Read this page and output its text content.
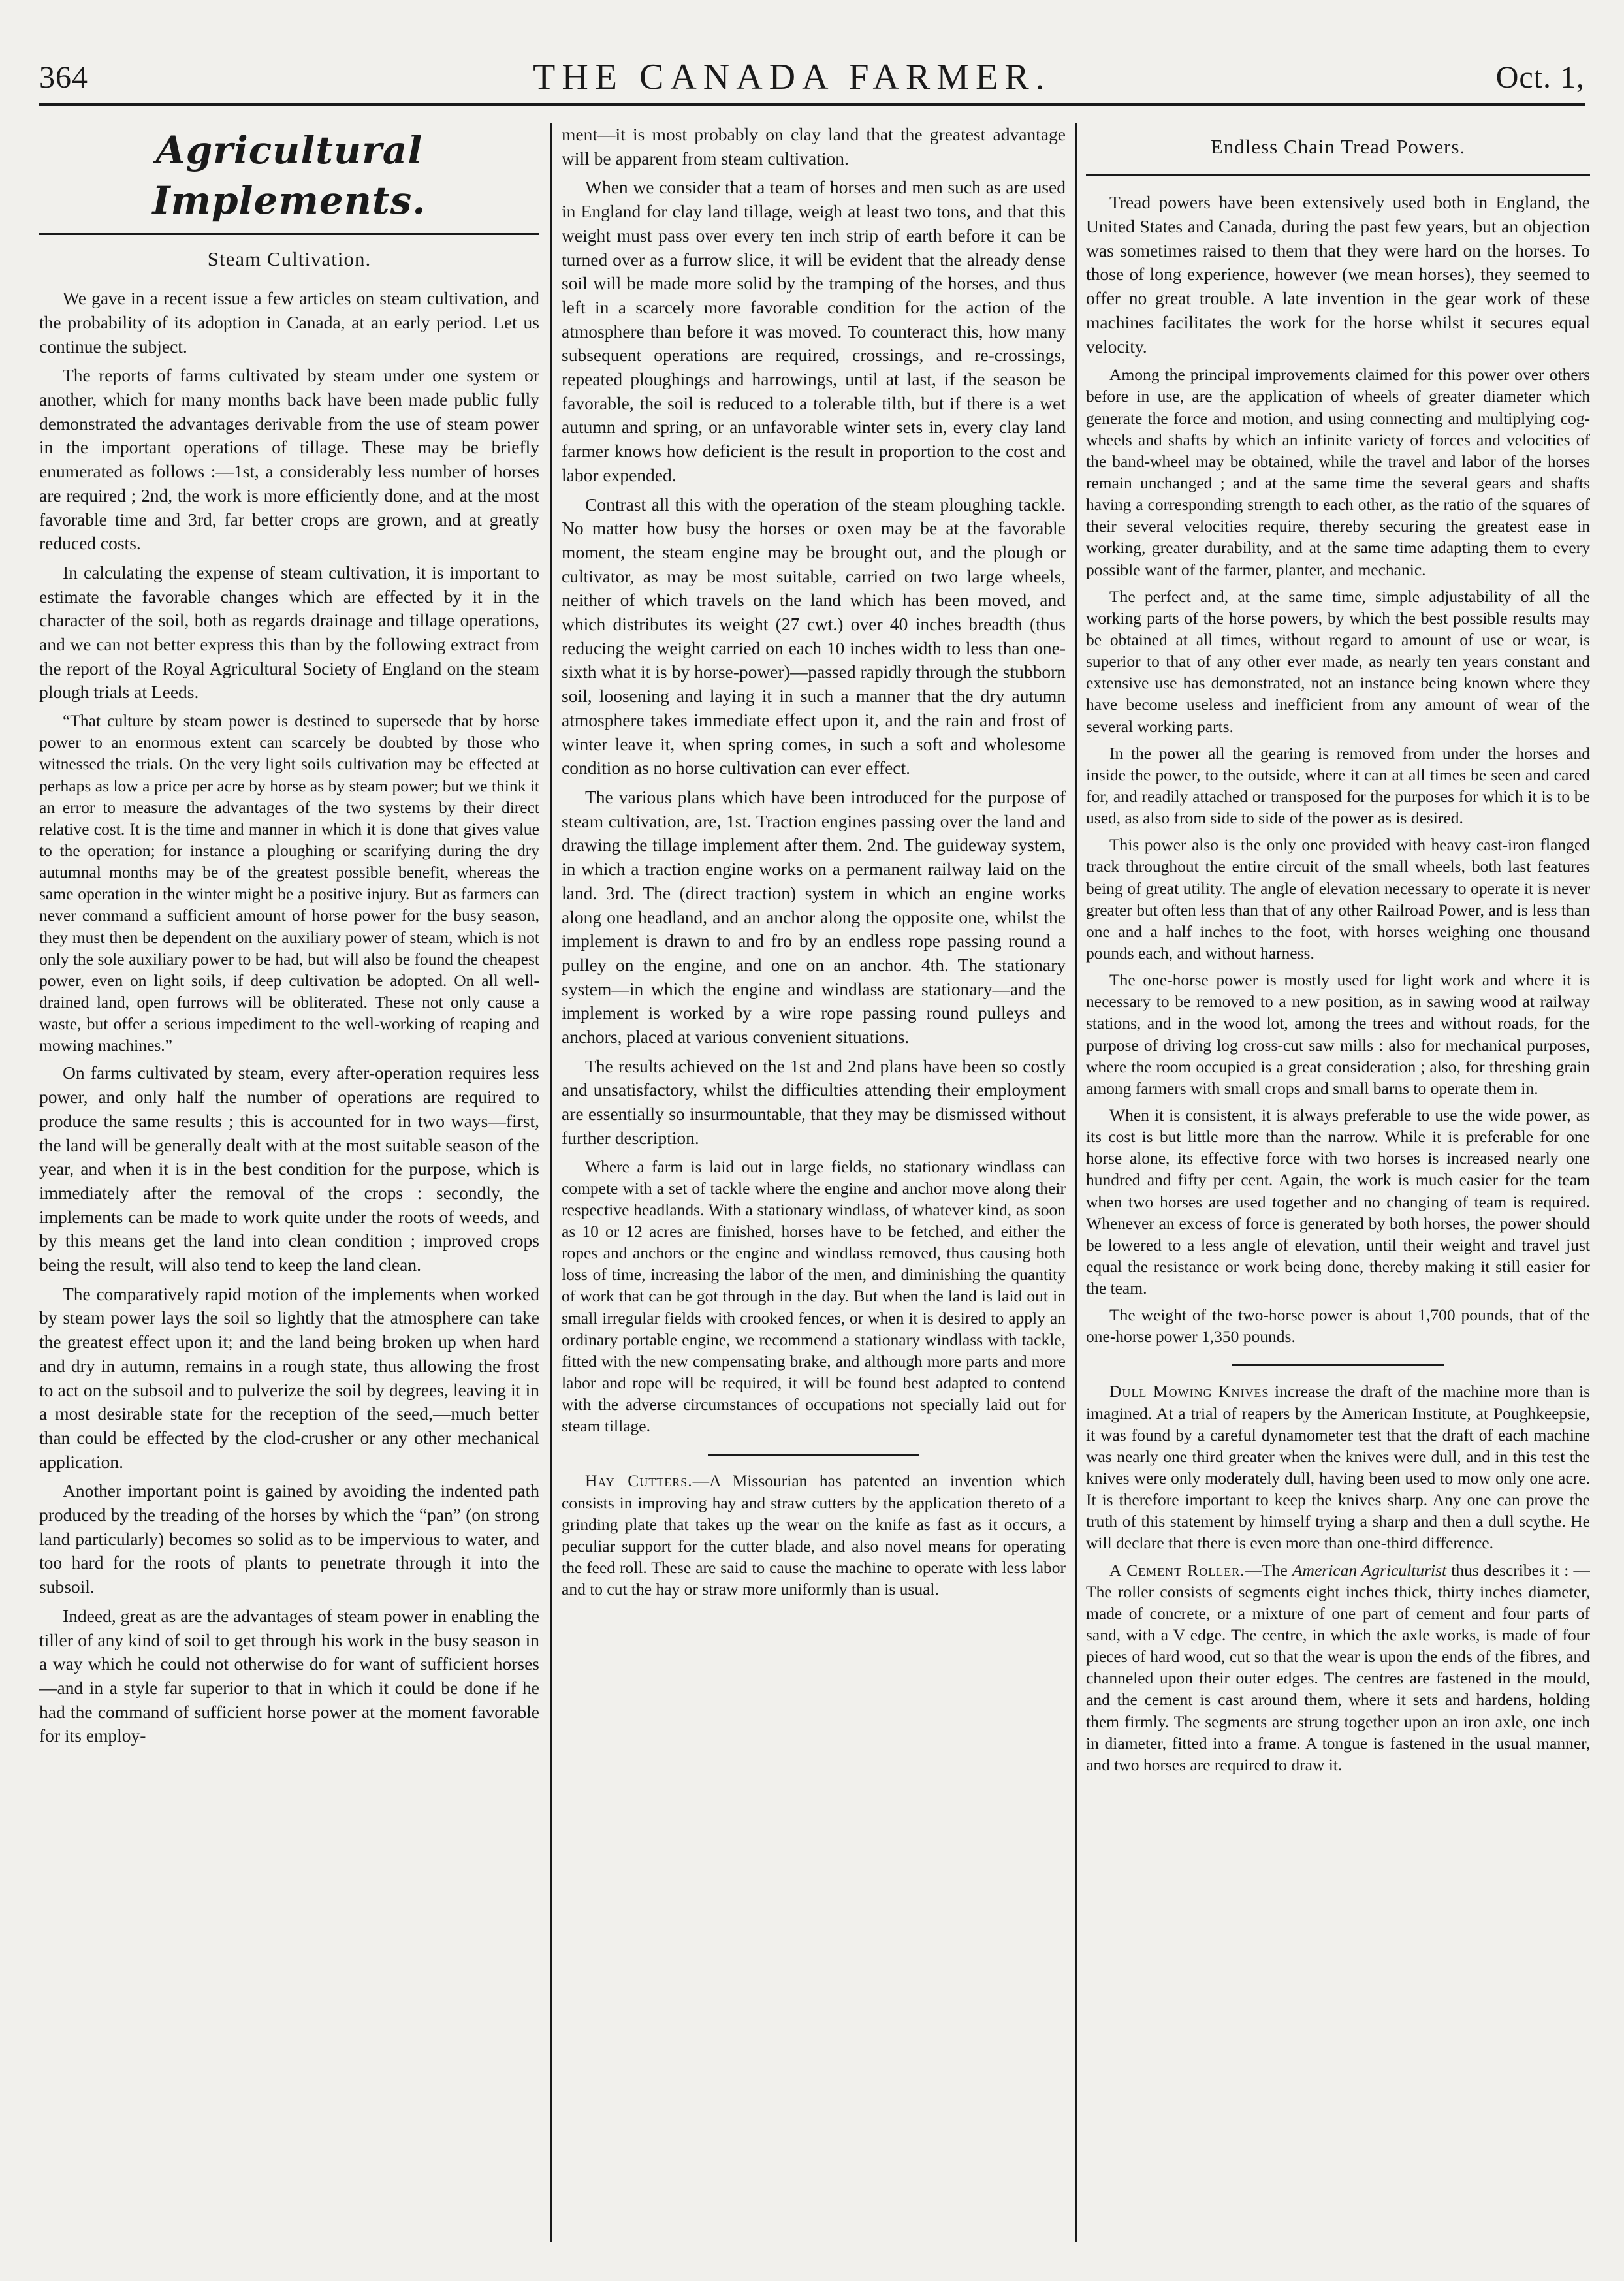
364	THE CANADA FARMER.	Oct. 1,
Agricultural Implements.
Steam Cultivation.

We gave in a recent issue a few articles on steam cultivation, and the probability of its adoption in Canada, at an early period. Let us continue the subject.

The reports of farms cultivated by steam under one system or another, which for many months back have been made public fully demonstrated the advantages derivable from the use of steam power in the important operations of tillage. These may be briefly enumerated as follows :—1st, a considerably less number of horses are required ; 2nd, the work is more efficiently done, and at the most favorable time and 3rd, far better crops are grown, and at greatly reduced costs.

In calculating the expense of steam cultivation, it is important to estimate the favorable changes which are effected by it in the character of the soil, both as regards drainage and tillage operations, and we can not better express this than by the following extract from the report of the Royal Agricultural Society of England on the steam plough trials at Leeds.

“That culture by steam power is destined to supersede that by horse power to an enormous extent can scarcely be doubted by those who witnessed the trials. On the very light soils cultivation may be effected at perhaps as low a price per acre by horse as by steam power; but we think it an error to measure the advantages of the two systems by their direct relative cost. It is the time and manner in which it is done that gives value to the operation; for instance a ploughing or scarifying during the dry autumnal months may be of the greatest possible benefit, whereas the same operation in the winter might be a positive injury. But as farmers can never command a sufficient amount of horse power for the busy season, they must then be dependent on the auxiliary power of steam, which is not only the sole auxiliary power to be had, but will also be found the cheapest power, even on light soils, if deep cultivation be adopted. On all well-drained land, open furrows will be obliterated. These not only cause a waste, but offer a serious impediment to the well-working of reaping and mowing machines.”

On farms cultivated by steam, every after-operation requires less power, and only half the number of operations are required to produce the same results ; this is accounted for in two ways—first, the land will be generally dealt with at the most suitable season of the year, and when it is in the best condition for the purpose, which is immediately after the removal of the crops : secondly, the implements can be made to work quite under the roots of weeds, and by this means get the land into clean condition ; improved crops being the result, will also tend to keep the land clean.

The comparatively rapid motion of the implements when worked by steam power lays the soil so lightly that the atmosphere can take the greatest effect upon it; and the land being broken up when hard and dry in autumn, remains in a rough state, thus allowing the frost to act on the subsoil and to pulverize the soil by degrees, leaving it in a most desirable state for the reception of the seed,—much better than could be effected by the clod-crusher or any other mechanical application.

Another important point is gained by avoiding the indented path produced by the treading of the horses by which the “pan” (on strong land particularly) becomes so solid as to be impervious to water, and too hard for the roots of plants to penetrate through it into the subsoil.

Indeed, great as are the advantages of steam power in enabling the tiller of any kind of soil to get through his work in the busy season in a way which he could not otherwise do for want of sufficient horses—and in a style far superior to that in which it could be done if he had the command of sufficient horse power at the moment favorable for its employ-

ment—it is most probably on clay land that the greatest advantage will be apparent from steam cultivation.

When we consider that a team of horses and men such as are used in England for clay land tillage, weigh at least two tons, and that this weight must pass over every ten inch strip of earth before it can be turned over as a furrow slice, it will be evident that the already dense soil will be made more solid by the tramping of the horses, and thus left in a scarcely more favorable condition for the action of the atmosphere than before it was moved. To counteract this, how many subsequent operations are required, crossings, and re-crossings, repeated ploughings and harrowings, until at last, if the season be favorable, the soil is reduced to a tolerable tilth, but if there is a wet autumn and spring, or an unfavorable winter sets in, every clay land farmer knows how deficient is the result in proportion to the cost and labor expended.

Contrast all this with the operation of the steam ploughing tackle. No matter how busy the horses or oxen may be at the favorable moment, the steam engine may be brought out, and the plough or cultivator, as may be most suitable, carried on two large wheels, neither of which travels on the land which has been moved, and which distributes its weight (27 cwt.) over 40 inches breadth (thus reducing the weight carried on each 10 inches width to less than one-sixth what it is by horse-power)—passed rapidly through the stubborn soil, loosening and laying it in such a manner that the dry autumn atmosphere takes immediate effect upon it, and the rain and frost of winter leave it, when spring comes, in such a soft and wholesome condition as no horse cultivation can ever effect.

The various plans which have been introduced for the purpose of steam cultivation, are, 1st. Traction engines passing over the land and drawing the tillage implement after them. 2nd. The guideway system, in which a traction engine works on a permanent railway laid on the land. 3rd. The (direct traction) system in which an engine works along one headland, and an anchor along the opposite one, whilst the implement is drawn to and fro by an endless rope passing round a pulley on the engine, and one on an anchor. 4th. The stationary system—in which the engine and windlass are stationary—and the implement is worked by a wire rope passing round pulleys and anchors, placed at various convenient situations.

The results achieved on the 1st and 2nd plans have been so costly and unsatisfactory, whilst the difficulties attending their employment are essentially so insurmountable, that they may be dismissed without further description.

Where a farm is laid out in large fields, no stationary windlass can compete with a set of tackle where the engine and anchor move along their respective headlands. With a stationary windlass, of whatever kind, as soon as 10 or 12 acres are finished, horses have to be fetched, and either the ropes and anchors or the engine and windlass removed, thus causing both loss of time, increasing the labor of the men, and diminishing the quantity of work that can be got through in the day. But when the land is laid out in small irregular fields with crooked fences, or when it is desired to apply an ordinary portable engine, we recommend a stationary windlass with tackle, fitted with the new compensating brake, and although more parts and more labor and rope will be required, it will be found best adapted to contend with the adverse circumstances of occupations not specially laid out for steam tillage.

Hay Cutters.—A Missourian has patented an invention which consists in improving hay and straw cutters by the application thereto of a grinding plate that takes up the wear on the knife as fast as it occurs, a peculiar support for the cutter blade, and also novel means for operating the feed roll. These are said to cause the machine to operate with less labor and to cut the hay or straw more uniformly than is usual.

Endless Chain Tread Powers.

Tread powers have been extensively used both in England, the United States and Canada, during the past few years, but an objection was sometimes raised to them that they were hard on the horses. To those of long experience, however (we mean horses), they seemed to offer no great trouble. A late invention in the gear work of these machines facilitates the work for the horse whilst it secures equal velocity.

Among the principal improvements claimed for this power over others before in use, are the application of wheels of greater diameter which generate the force and motion, and using connecting and multiplying cog-wheels and shafts by which an infinite variety of forces and velocities of the band-wheel may be obtained, while the travel and labor of the horses remain unchanged ; and at the same time the several gears and shafts having a corresponding strength to each other, as the ratio of the squares of their several velocities require, thereby securing the greatest ease in working, greater durability, and at the same time adapting them to every possible want of the farmer, planter, and mechanic.

The perfect and, at the same time, simple adjustability of all the working parts of the horse powers, by which the best possible results may be obtained at all times, without regard to amount of use or wear, is superior to that of any other ever made, as nearly ten years constant and extensive use has demonstrated, not an instance being known where they have become useless and inefficient from any amount of wear of the several working parts.

In the power all the gearing is removed from under the horses and inside the power, to the outside, where it can at all times be seen and cared for, and readily attached or transposed for the purposes for which it is to be used, as also from side to side of the power as is desired.

This power also is the only one provided with heavy cast-iron flanged track throughout the entire circuit of the small wheels, both last features being of great utility. The angle of elevation necessary to operate it is never greater but often less than that of any other Railroad Power, and is less than one and a half inches to the foot, with horses weighing one thousand pounds each, and without harness.

The one-horse power is mostly used for light work and where it is necessary to be removed to a new position, as in sawing wood at railway stations, and in the wood lot, among the trees and without roads, for the purpose of driving log cross-cut saw mills : also for mechanical purposes, where the room occupied is a great consideration ; also, for threshing grain among farmers with small crops and small barns to operate them in.

When it is consistent, it is always preferable to use the wide power, as its cost is but little more than the narrow. While it is preferable for one horse alone, its effective force with two horses is increased nearly one hundred and fifty per cent. Again, the work is much easier for the team when two horses are used together and no changing of team is required. Whenever an excess of force is generated by both horses, the power should be lowered to a less angle of elevation, until their weight and travel just equal the resistance or work being done, thereby making it still easier for the team.

The weight of the two-horse power is about 1,700 pounds, that of the one-horse power 1,350 pounds.

Dull Mowing Knives increase the draft of the machine more than is imagined. At a trial of reapers by the American Institute, at Poughkeepsie, it was found by a careful dynamometer test that the draft of each machine was nearly one third greater when the knives were dull, and in this test the knives were only moderately dull, having been used to mow only one acre. It is therefore important to keep the knives sharp. Any one can prove the truth of this statement by himself trying a sharp and then a dull scythe. He will declare that there is even more than one-third difference.

A Cement Roller.—The American Agriculturist thus describes it : —The roller consists of segments eight inches thick, thirty inches diameter, made of concrete, or a mixture of one part of cement and four parts of sand, with a V edge. The centre, in which the axle works, is made of four pieces of hard wood, cut so that the wear is upon the ends of the fibres, and channeled upon their outer edges. The centres are fastened in the mould, and the cement is cast around them, where it sets and hardens, holding them firmly. The segments are strung together upon an iron axle, one inch in diameter, fitted into a frame. A tongue is fastened in the usual manner, and two horses are required to draw it.
